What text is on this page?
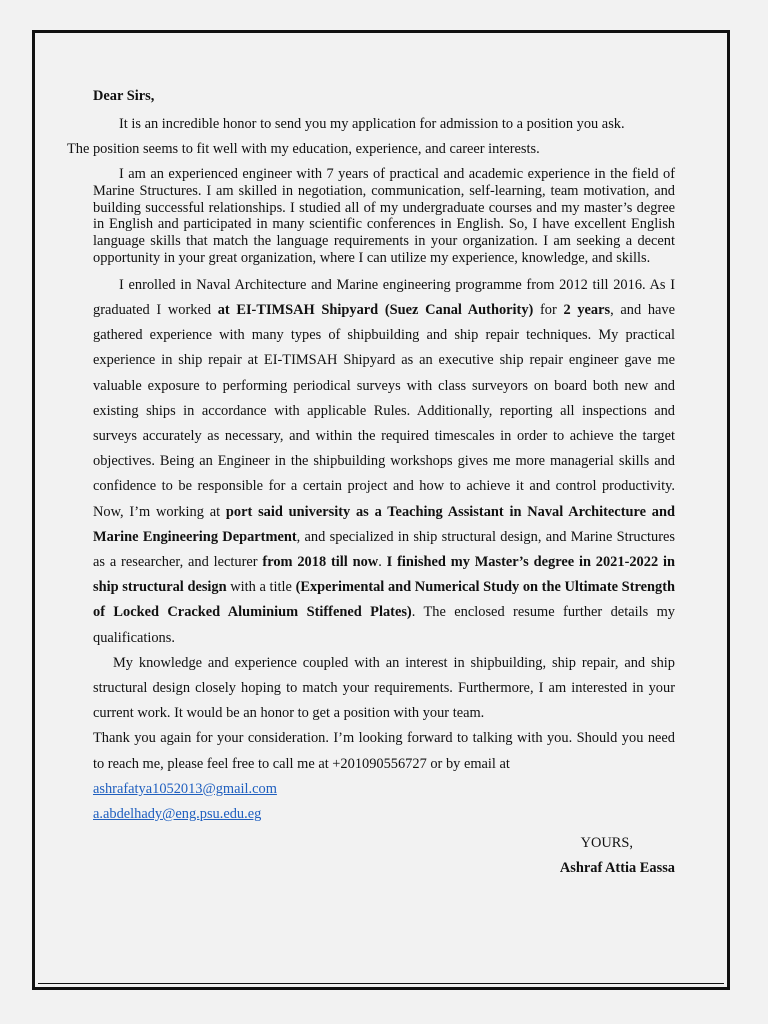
Dear Sirs,

It is an incredible honor to send you my application for admission to a position you ask.
The position seems to fit well with my education, experience, and career interests.

I am an experienced engineer with 7 years of practical and academic experience in the field of Marine Structures. I am skilled in negotiation, communication, self-learning, team motivation, and building successful relationships. I studied all of my undergraduate courses and my master’s degree in English and participated in many scientific conferences in English. So, I have excellent English language skills that match the language requirements in your organization. I am seeking a decent opportunity in your great organization, where I can utilize my experience, knowledge, and skills.

I enrolled in Naval Architecture and Marine engineering programme from 2012 till 2016. As I graduated I worked at EI-TIMSAH Shipyard (Suez Canal Authority) for 2 years, and have gathered experience with many types of shipbuilding and ship repair techniques. My practical experience in ship repair at EI-TIMSAH Shipyard as an executive ship repair engineer gave me valuable exposure to performing periodical surveys with class surveyors on board both new and existing ships in accordance with applicable Rules. Additionally, reporting all inspections and surveys accurately as necessary, and within the required timescales in order to achieve the target objectives. Being an Engineer in the shipbuilding workshops gives me more managerial skills and confidence to be responsible for a certain project and how to achieve it and control productivity. Now, I’m working at port said university as a Teaching Assistant in Naval Architecture and Marine Engineering Department, and specialized in ship structural design, and Marine Structures as a researcher, and lecturer from 2018 till now. I finished my Master’s degree in 2021-2022 in ship structural design with a title (Experimental and Numerical Study on the Ultimate Strength of Locked Cracked Aluminium Stiffened Plates). The enclosed resume further details my qualifications.

My knowledge and experience coupled with an interest in shipbuilding, ship repair, and ship structural design closely hoping to match your requirements. Furthermore, I am interested in your current work. It would be an honor to get a position with your team.

Thank you again for your consideration. I’m looking forward to talking with you. Should you need to reach me, please feel free to call me at +201090556727 or by email at

ashrafatya1052013@gmail.com
a.abdelhady@eng.psu.edu.eg
YOURS,
Ashraf Attia Eassa
